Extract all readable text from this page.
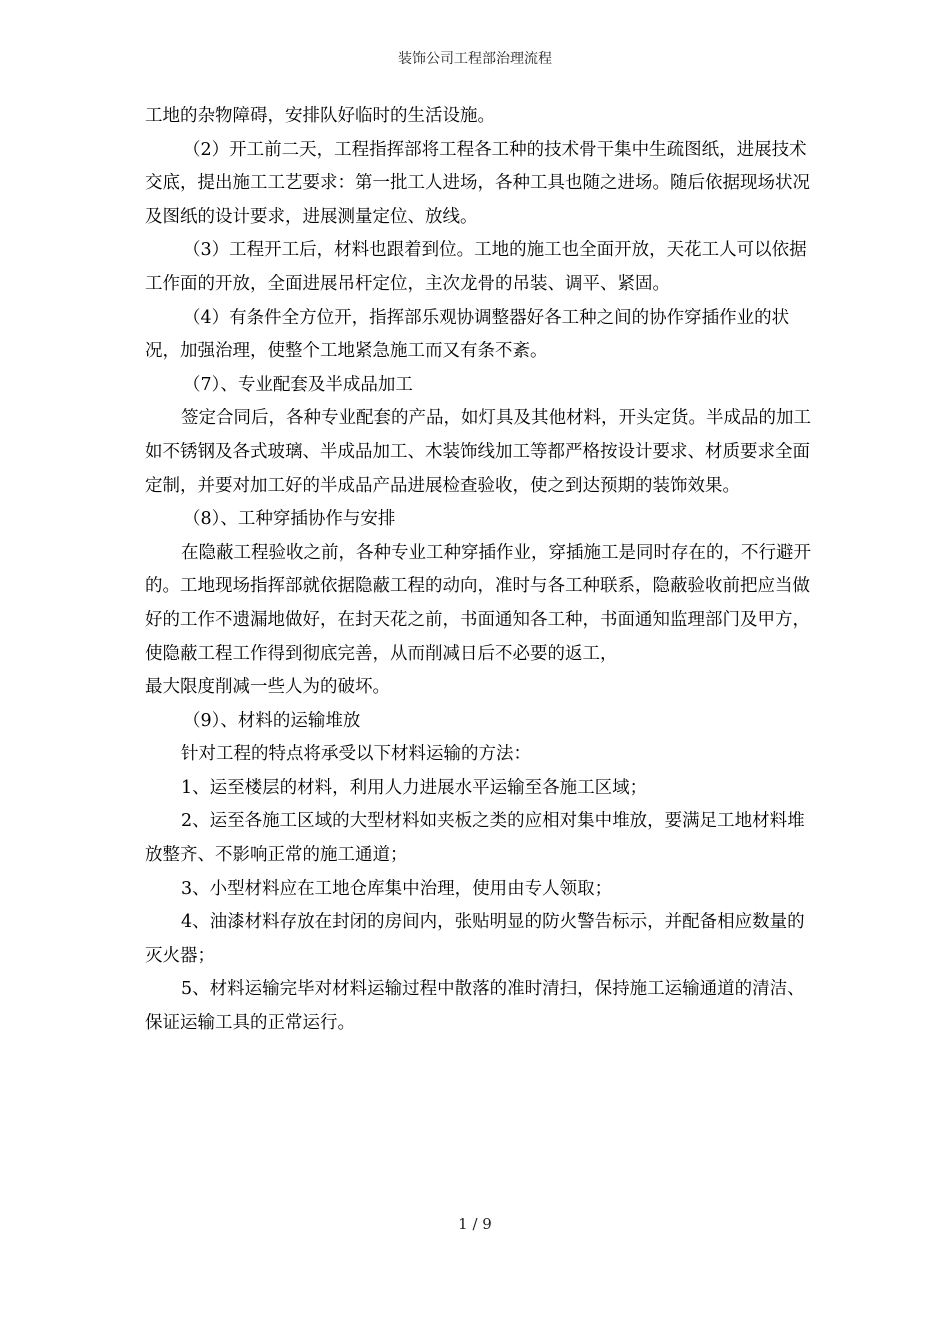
装饰公司工程部治理流程

工地的杂物障碍，安排队好临时的生活设施。

（2）开工前二天，工程指挥部将工程各工种的技术骨干集中生疏图纸，进展技术交底，提出施工工艺要求：第一批工人进场，各种工具也随之进场。随后依据现场状况及图纸的设计要求，进展测量定位、放线。

（3）工程开工后，材料也跟着到位。工地的施工也全面开放，天花工人可以依据工作面的开放，全面进展吊杆定位，主次龙骨的吊装、调平、紧固。

（4）有条件全方位开，指挥部乐观协调整器好各工种之间的协作穿插作业的状况，加强治理，使整个工地紧急施工而又有条不紊。

（7）、专业配套及半成品加工

签定合同后，各种专业配套的产品，如灯具及其他材料，开头定货。半成品的加工如不锈钢及各式玻璃、半成品加工、木装饰线加工等都严格按设计要求、材质要求全面定制，并要对加工好的半成品产品进展检查验收，使之到达预期的装饰效果。

（8）、工种穿插协作与安排

在隐蔽工程验收之前，各种专业工种穿插作业，穿插施工是同时存在的，不行避开的。工地现场指挥部就依据隐蔽工程的动向，准时与各工种联系，隐蔽验收前把应当做好的工作不遗漏地做好，在封天花之前，书面通知各工种，书面通知监理部门及甲方，使隐蔽工程工作得到彻底完善，从而削减日后不必要的返工，

最大限度削减一些人为的破坏。

（9）、材料的运输堆放

针对工程的特点将承受以下材料运输的方法：

1、运至楼层的材料，利用人力进展水平运输至各施工区域；

2、运至各施工区域的大型材料如夹板之类的应相对集中堆放，要满足工地材料堆放整齐、不影响正常的施工通道；

3、小型材料应在工地仓库集中治理，使用由专人领取；

4、油漆材料存放在封闭的房间内，张贴明显的防火警告标示，并配备相应数量的灭火器；

5、材料运输完毕对材料运输过程中散落的准时清扫，保持施工运输通道的清洁、保证运输工具的正常运行。

1 / 9
